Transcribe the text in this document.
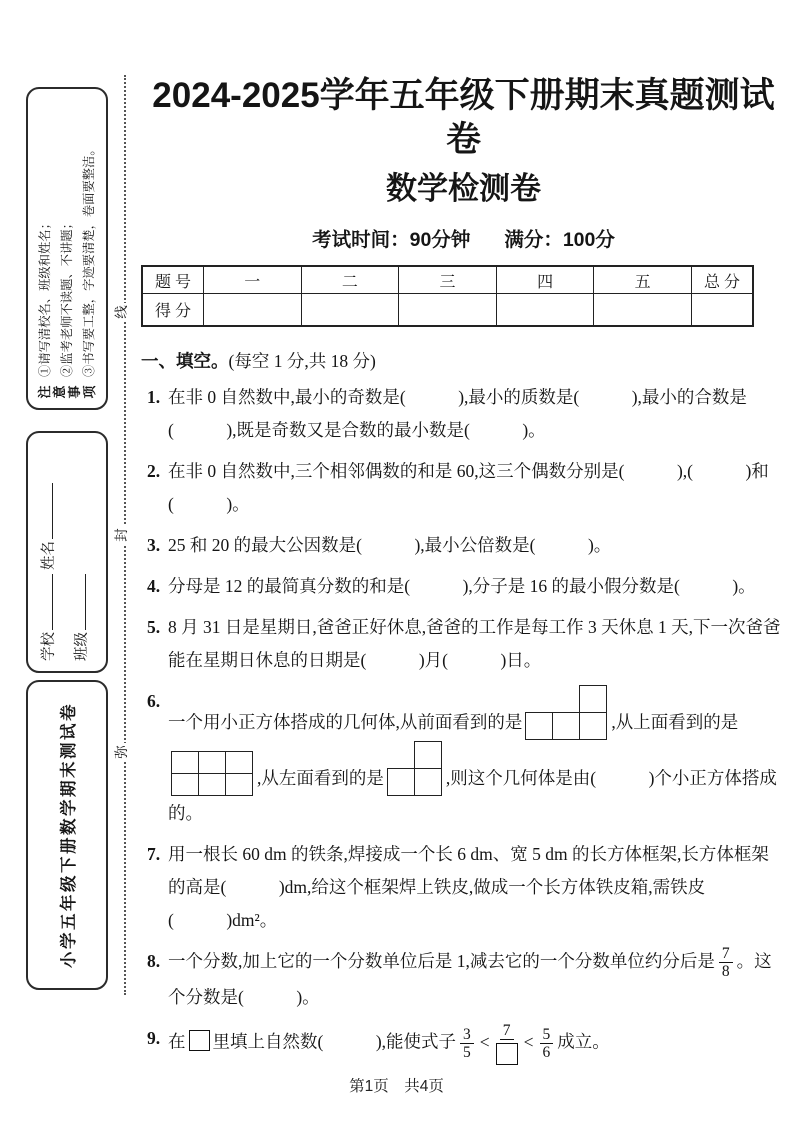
注意事项
①请写清校名、班级和姓名； ②监考老师不读题、不讲题； ③书写要工整，字迹要清楚，卷面要整洁。
学校姓名
班级
小学五年级下册数学期末测试卷
线
封
弥
2024-2025学年五年级下册期末真题测试卷
数学检测卷
考试时间：90分钟 满分：100分
题 号	一	二	三	四	五	总 分
得 分						
一、填空。(每空 1 分,共 18 分)
1. 在非 0 自然数中,最小的奇数是(　　　),最小的质数是(　　　),最小的合数是(　　　),既是奇数又是合数的最小数是(　　　)。
2. 在非 0 自然数中,三个相邻偶数的和是 60,这三个偶数分别是(　　　),(　　　)和(　　　)。
3. 25 和 20 的最大公因数是(　　　),最小公倍数是(　　　)。
4. 分母是 12 的最简真分数的和是(　　　),分子是 16 的最小假分数是(　　　)。
5. 8 月 31 日是星期日,爸爸正好休息,爸爸的工作是每工作 3 天休息 1 天,下一次爸爸能在星期日休息的日期是(　　　)月(　　　)日。
6.
一个用小正方体搭成的几何体,从前面看到的是	,从上面看到的是
,从左面看到的是	,则这个几何体是由(　　　)个小正方体搭成的。
7. 用一根长 60 dm 的铁条,焊接成一个长 6 dm、宽 5 dm 的长方体框架,长方体框架的高是(　　　)dm,给这个框架焊上铁皮,做成一个长方体铁皮箱,需铁皮(　　　)dm²。
8. 一个分数,加上它的一个分数单位后是 1,减去它的一个分数单位约分后是 $\frac{7}{8}$ 。这个分数是(　　　)。
9. 在 里填上自然数(　　　),能使式子 $\frac{3}{5}$ <
7
< $\frac{5}{6}$ 成立。
第1页　共4页
